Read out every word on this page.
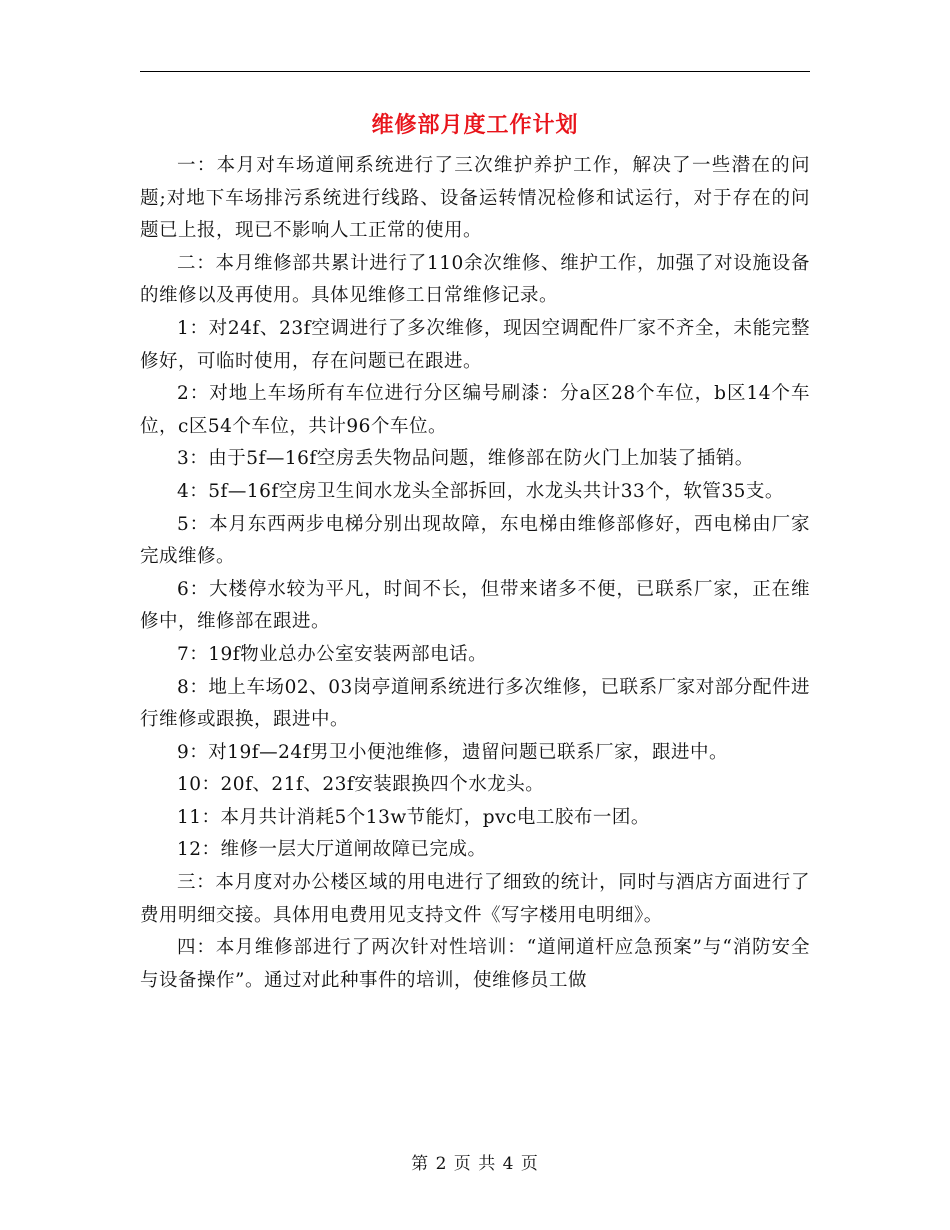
维修部月度工作计划

一：本月对车场道闸系统进行了三次维护养护工作，解决了一些潜在的问题;对地下车场排污系统进行线路、设备运转情况检修和试运行，对于存在的问题已上报，现已不影响人工正常的使用。

二：本月维修部共累计进行了110余次维修、维护工作，加强了对设施设备的维修以及再使用。具体见维修工日常维修记录。

1：对24f、23f空调进行了多次维修，现因空调配件厂家不齐全，未能完整修好，可临时使用，存在问题已在跟进。

2：对地上车场所有车位进行分区编号刷漆：分a区28个车位，b区14个车位，c区54个车位，共计96个车位。

3：由于5f—16f空房丢失物品问题，维修部在防火门上加装了插销。

4：5f—16f空房卫生间水龙头全部拆回，水龙头共计33个，软管35支。

5：本月东西两步电梯分别出现故障，东电梯由维修部修好，西电梯由厂家完成维修。

6：大楼停水较为平凡，时间不长，但带来诸多不便，已联系厂家，正在维修中，维修部在跟进。

7：19f物业总办公室安装两部电话。

8：地上车场02、03岗亭道闸系统进行多次维修，已联系厂家对部分配件进行维修或跟换，跟进中。

9：对19f—24f男卫小便池维修，遗留问题已联系厂家，跟进中。

10：20f、21f、23f安装跟换四个水龙头。

11：本月共计消耗5个13w节能灯，pvc电工胶布一团。

12：维修一层大厅道闸故障已完成。

三：本月度对办公楼区域的用电进行了细致的统计，同时与酒店方面进行了费用明细交接。具体用电费用见支持文件《写字楼用电明细》。

四：本月维修部进行了两次针对性培训：“道闸道杆应急预案”与“消防安全与设备操作”。通过对此种事件的培训，使维修员工做

第 2 页 共 4 页
